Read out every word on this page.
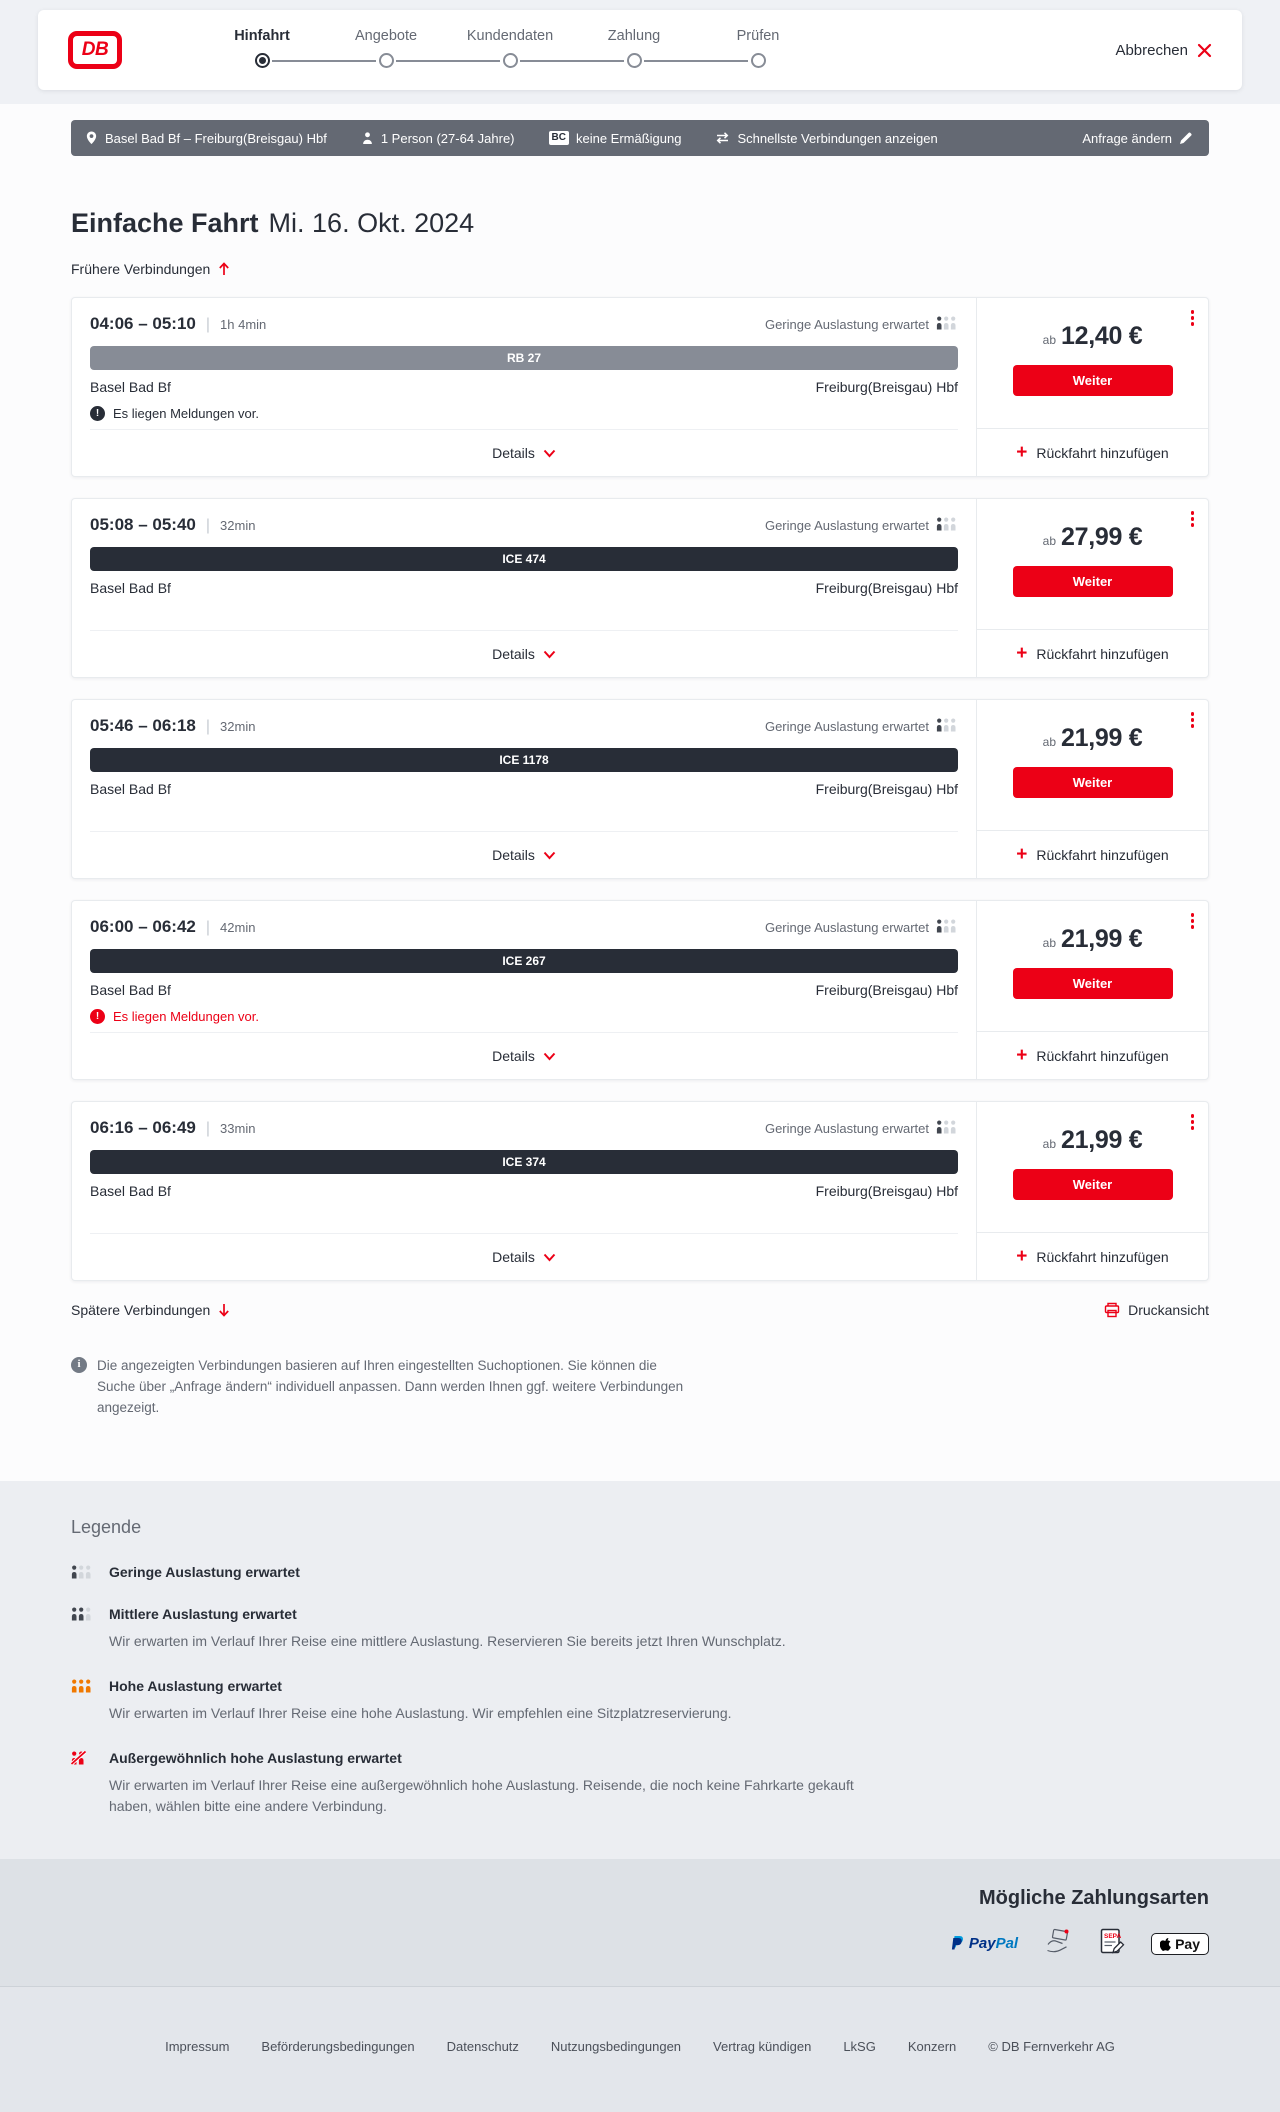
DB
Hinfahrt	Angebote	Kundendaten	Zahlung	Prüfen
Abbrechen
Basel Bad Bf – Freiburg(Breisgau) Hbf	1 Person (27-64 Jahre)	BC keine Ermäßigung	Schnellste Verbindungen anzeigen	Anfrage ändern
Einfache Fahrt Mi. 16. Okt. 2024
Frühere Verbindungen
04:06 – 05:10 | 1h 4min	Geringe Auslastung erwartet
RB 27
Basel Bad Bf	Freiburg(Breisgau) Hbf
!	Es liegen Meldungen vor.
Details
ab 12,40 €
Weiter
+ Rückfahrt hinzufügen
05:08 – 05:40 | 32min	Geringe Auslastung erwartet
ICE 474
Basel Bad Bf	Freiburg(Breisgau) Hbf
Details
ab 27,99 €
Weiter
+ Rückfahrt hinzufügen
05:46 – 06:18 | 32min	Geringe Auslastung erwartet
ICE 1178
Basel Bad Bf	Freiburg(Breisgau) Hbf
Details
ab 21,99 €
Weiter
+ Rückfahrt hinzufügen
06:00 – 06:42 | 42min	Geringe Auslastung erwartet
ICE 267
Basel Bad Bf	Freiburg(Breisgau) Hbf
!	Es liegen Meldungen vor.
Details
ab 21,99 €
Weiter
+ Rückfahrt hinzufügen
06:16 – 06:49 | 33min	Geringe Auslastung erwartet
ICE 374
Basel Bad Bf	Freiburg(Breisgau) Hbf
Details
ab 21,99 €
Weiter
+ Rückfahrt hinzufügen
Spätere Verbindungen	Druckansicht
i	Die angezeigten Verbindungen basieren auf Ihren eingestellten Suchoptionen. Sie können die Suche über „Anfrage ändern“ individuell anpassen. Dann werden Ihnen ggf. weitere Verbindungen angezeigt.
Legende
Geringe Auslastung erwartet
Mittlere Auslastung erwartet

Wir erwarten im Verlauf Ihrer Reise eine mittlere Auslastung. Reservieren Sie bereits jetzt Ihren Wunschplatz.

Hohe Auslastung erwartet

Wir erwarten im Verlauf Ihrer Reise eine hohe Auslastung. Wir empfehlen eine Sitzplatzreservierung.

Außergewöhnlich hohe Auslastung erwartet

Wir erwarten im Verlauf Ihrer Reise eine außergewöhnlich hohe Auslastung. Reisende, die noch keine Fahrkarte gekauft haben, wählen bitte eine andere Verbindung.

Mögliche Zahlungsarten
PayPal	SEPA	Pay
Impressum Beförderungsbedingungen Datenschutz Nutzungsbedingungen Vertrag kündigen LkSG Konzern © DB Fernverkehr AG
